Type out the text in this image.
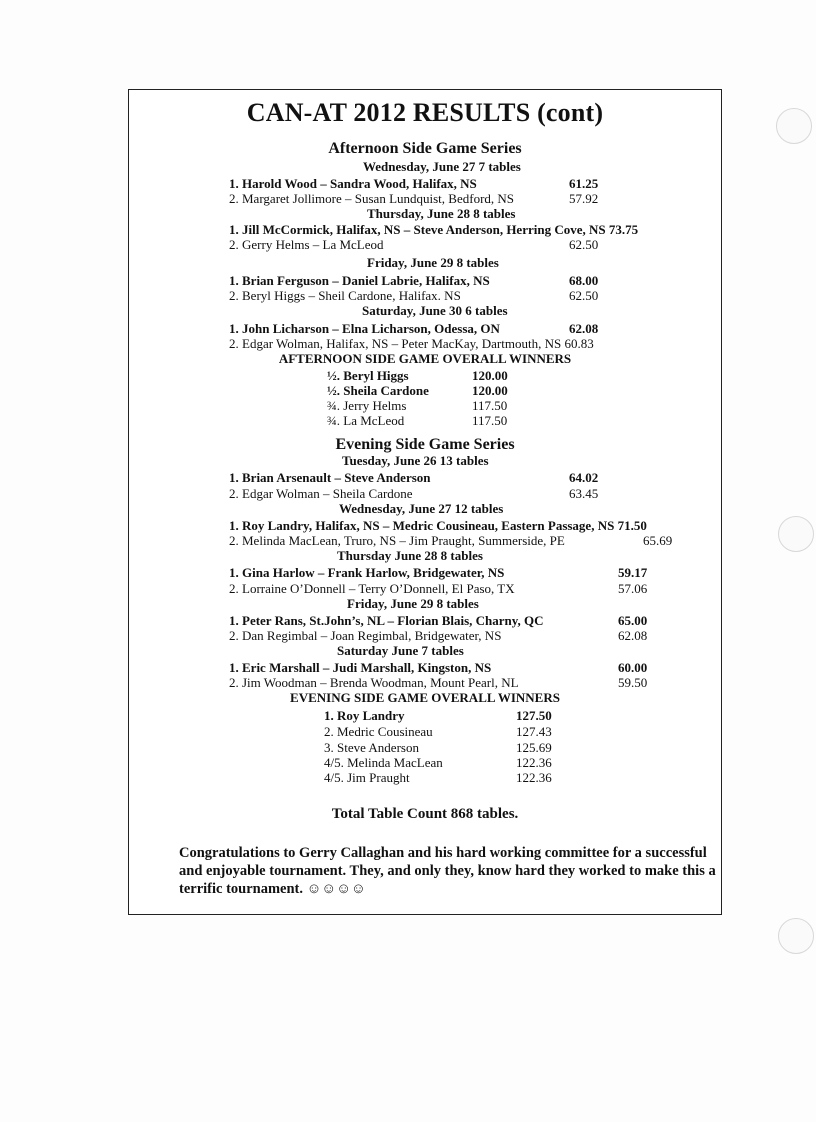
CAN-AT 2012 RESULTS (cont)
Afternoon Side Game Series
Wednesday, June 27 7 tables
1. Harold Wood – Sandra Wood, Halifax, NS	61.25
2. Margaret Jollimore – Susan Lundquist, Bedford, NS	57.92
Thursday, June 28 8 tables
1. Jill McCormick, Halifax, NS – Steve Anderson, Herring Cove, NS 73.75
2. Gerry Helms – La McLeod	62.50
Friday, June 29 8 tables
1. Brian Ferguson – Daniel Labrie, Halifax, NS	68.00
2. Beryl Higgs – Sheil Cardone, Halifax. NS	62.50
Saturday, June 30 6 tables
1. John Licharson – Elna Licharson, Odessa, ON	62.08
2. Edgar Wolman, Halifax, NS – Peter MacKay, Dartmouth, NS 60.83
AFTERNOON SIDE GAME OVERALL WINNERS
½. Beryl Higgs	120.00
½. Sheila Cardone	120.00
¾. Jerry Helms	117.50
¾. La McLeod	117.50
Evening Side Game Series
Tuesday, June 26 13 tables
1. Brian Arsenault – Steve Anderson	64.02
2. Edgar Wolman – Sheila Cardone	63.45
Wednesday, June 27 12 tables
1. Roy Landry, Halifax, NS – Medric Cousineau, Eastern Passage, NS 71.50
2. Melinda MacLean, Truro, NS – Jim Praught, Summerside, PE	65.69
Thursday June 28 8 tables
1. Gina Harlow – Frank Harlow, Bridgewater, NS	59.17
2. Lorraine O’Donnell – Terry O’Donnell, El Paso, TX	57.06
Friday, June 29 8 tables
1. Peter Rans, St.John’s, NL – Florian Blais, Charny, QC	65.00
2. Dan Regimbal – Joan Regimbal, Bridgewater, NS	62.08
Saturday June 7 tables
1. Eric Marshall – Judi Marshall, Kingston, NS	60.00
2. Jim Woodman – Brenda Woodman, Mount Pearl, NL	59.50
EVENING SIDE GAME OVERALL WINNERS
1. Roy Landry	127.50
2. Medric Cousineau	127.43
3. Steve Anderson	125.69
4/5. Melinda MacLean	122.36
4/5. Jim Praught	122.36
Total Table Count 868 tables.
Congratulations to Gerry Callaghan and his hard working committee for a successful and enjoyable tournament. They, and only they, know hard they worked to make this a terrific tournament. ☺☺☺☺
